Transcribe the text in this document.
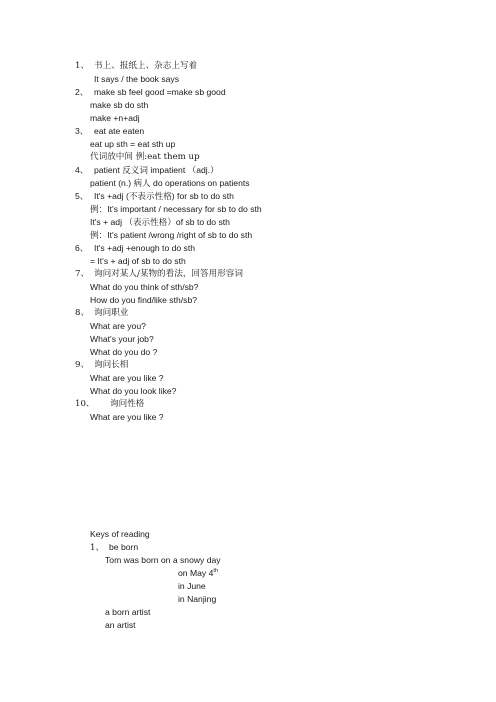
1、 书上、报纸上、杂志上写着
It says / the book says
2、 make sb feel good =make sb good
make sb do sth
make +n+adj
3、 eat ate eaten
eat up sth = eat sth up
代词放中间 例:eat them up
4、 patient 反义词 impatient （adj.）
patient (n.) 病人 do operations on patients
5、 It's +adj (不表示性格) for sb to do sth
例：It's important / necessary for sb to do sth
It's + adj （表示性格）of sb to do sth
例：It's patient /wrong /right of sb to do sth
6、 It's +adj +enough to do sth
= It's + adj of sb to do sth
7、 询问对某人/某物的看法，回答用形容词
What do you think of sth/sb?
How do you find/like sth/sb?
8、 询问职业
What are you?
What's your job?
What do you do ?
9、 询问长相
What are you like ?
What do you look like?
10、 询问性格
What are you like ?
Keys of reading
1、 be born
Tom was born on a snowy day
on May 4th
in June
in Nanjing
a born artist
an artist
